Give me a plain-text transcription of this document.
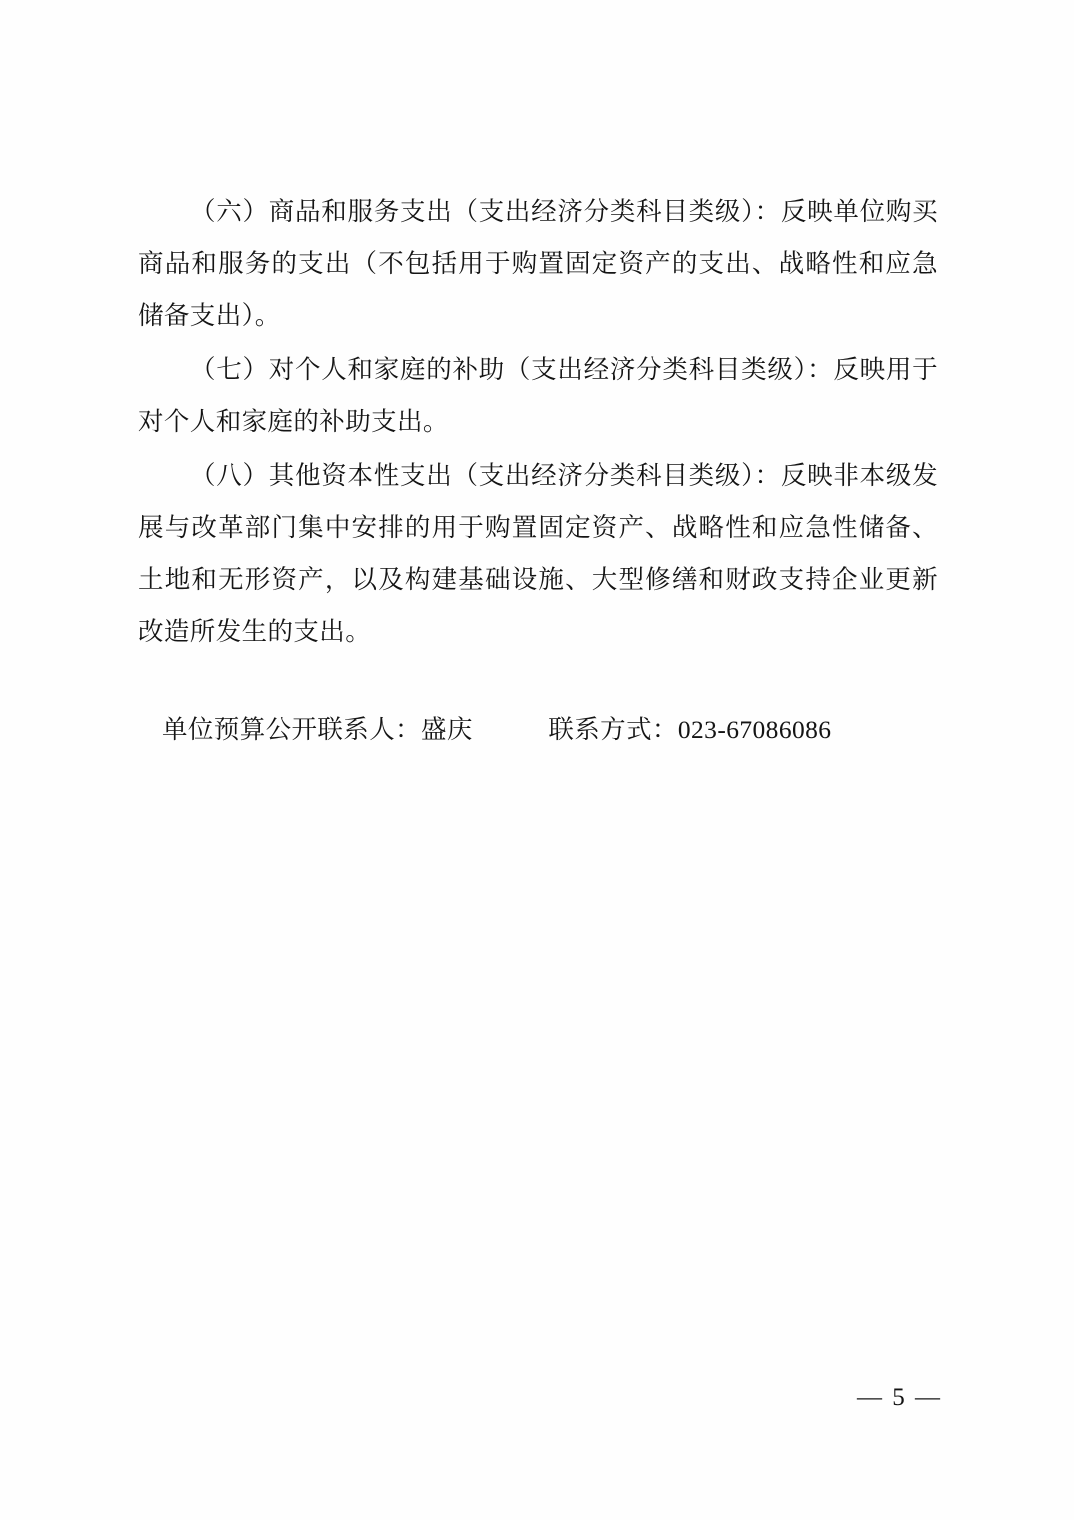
（六）商品和服务支出（支出经济分类科目类级）：反映单位购买商品和服务的支出（不包括用于购置固定资产的支出、战略性和应急储备支出）。

（七）对个人和家庭的补助（支出经济分类科目类级）：反映用于对个人和家庭的补助支出。

（八）其他资本性支出（支出经济分类科目类级）：反映非本级发展与改革部门集中安排的用于购置固定资产、战略性和应急性储备、土地和无形资产，以及构建基础设施、大型修缮和财政支持企业更新改造所发生的支出。

单位预算公开联系人：盛庆	联系方式：023-67086086
— 5 —
